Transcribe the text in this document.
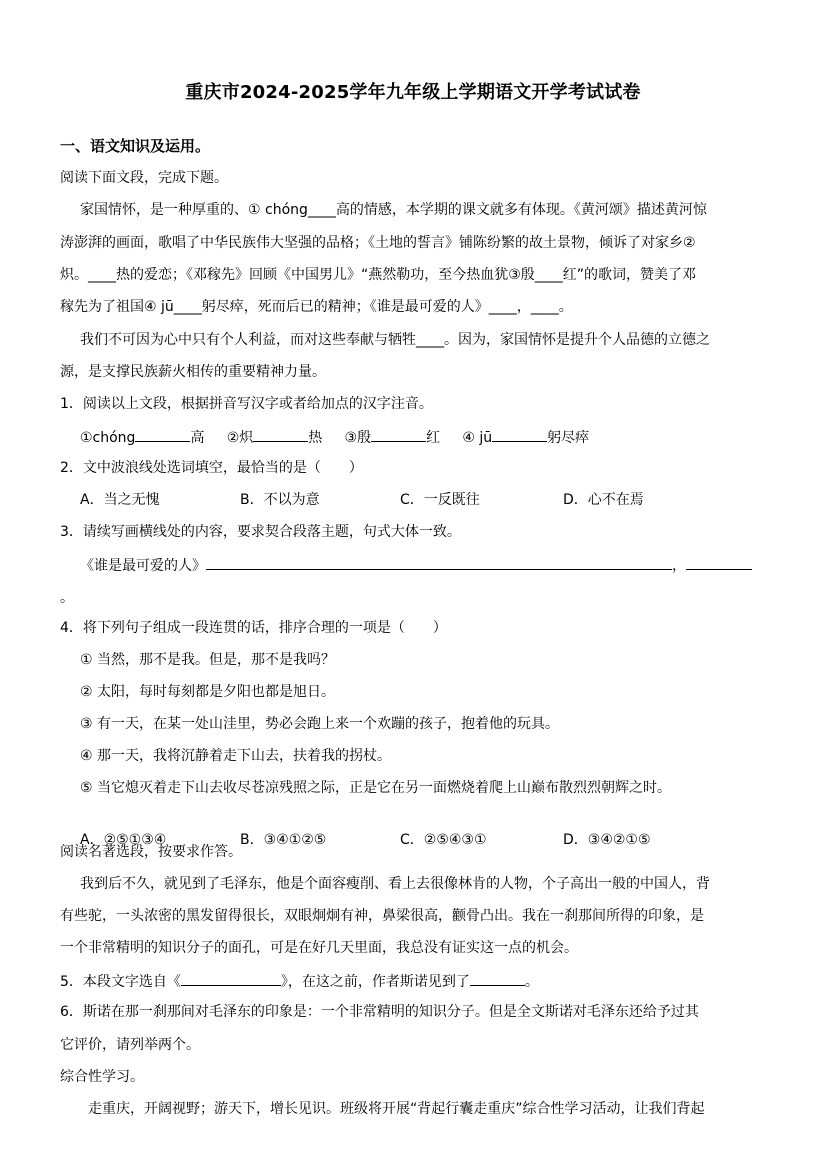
重庆市2024-2025学年九年级上学期语文开学考试试卷
一、语文知识及运用。
阅读下面文段，完成下题。
家国情怀，是一种厚重的、① chóng____高的情感，本学期的课文就多有体现。《黄河颂》描述黄河惊
涛澎湃的画面，歌唱了中华民族伟大坚强的品格；《土地的誓言》铺陈纷繁的故土景物，倾诉了对家乡②
炽。____热的爱恋；《邓稼先》回顾《中国男儿》“燕然勒功，至今热血犹③殷____红”的歌词，赞美了邓
稼先为了祖国④ jū____躬尽瘁，死而后已的精神；《谁是最可爱的人》____，____。
我们不可因为心中只有个人利益，而对这些奉献与牺牲____。因为，家国情怀是提升个人品德的立德之
源，是支撑民族薪火相传的重要精神力量。
1．阅读以上文段，根据拼音写汉字或者给加点的汉字注音。
①chóng	高 ②炽	热 ③殷	红 ④ jū	躬尽瘁
2．文中波浪线处选词填空，最恰当的是（　　）
A．当之无愧	B．不以为意	C．一反既往	D．心不在焉
3．请续写画横线处的内容，要求契合段落主题，句式大体一致。
《谁是最可爱的人》	，
。
4．将下列句子组成一段连贯的话，排序合理的一项是（　　）
① 当然，那不是我。但是，那不是我吗？
② 太阳，每时每刻都是夕阳也都是旭日。
③ 有一天，在某一处山洼里，势必会跑上来一个欢蹦的孩子，抱着他的玩具。
④ 那一天，我将沉静着走下山去，扶着我的拐杖。
⑤ 当它熄灭着走下山去收尽苍凉残照之际，正是它在另一面燃烧着爬上山巅布散烈烈朝辉之时。
A．②⑤①③④	B．③④①②⑤	C．②⑤④③①	D．③④②①⑤
阅读名著选段，按要求作答。
我到后不久，就见到了毛泽东，他是个面容瘦削、看上去很像林肯的人物，个子高出一般的中国人，背
有些驼，一头浓密的黑发留得很长，双眼炯炯有神，鼻梁很高，颧骨凸出。我在一刹那间所得的印象，是
一个非常精明的知识分子的面孔，可是在好几天里面，我总没有证实这一点的机会。
5．本段文字选自《	》，在这之前，作者斯诺见到了	。
6．斯诺在那一刹那间对毛泽东的印象是：一个非常精明的知识分子。但是全文斯诺对毛泽东还给予过其
它评价，请列举两个。
综合性学习。
走重庆，开阔视野；游天下，增长见识。班级将开展“背起行囊走重庆”综合性学习活动，让我们背起
